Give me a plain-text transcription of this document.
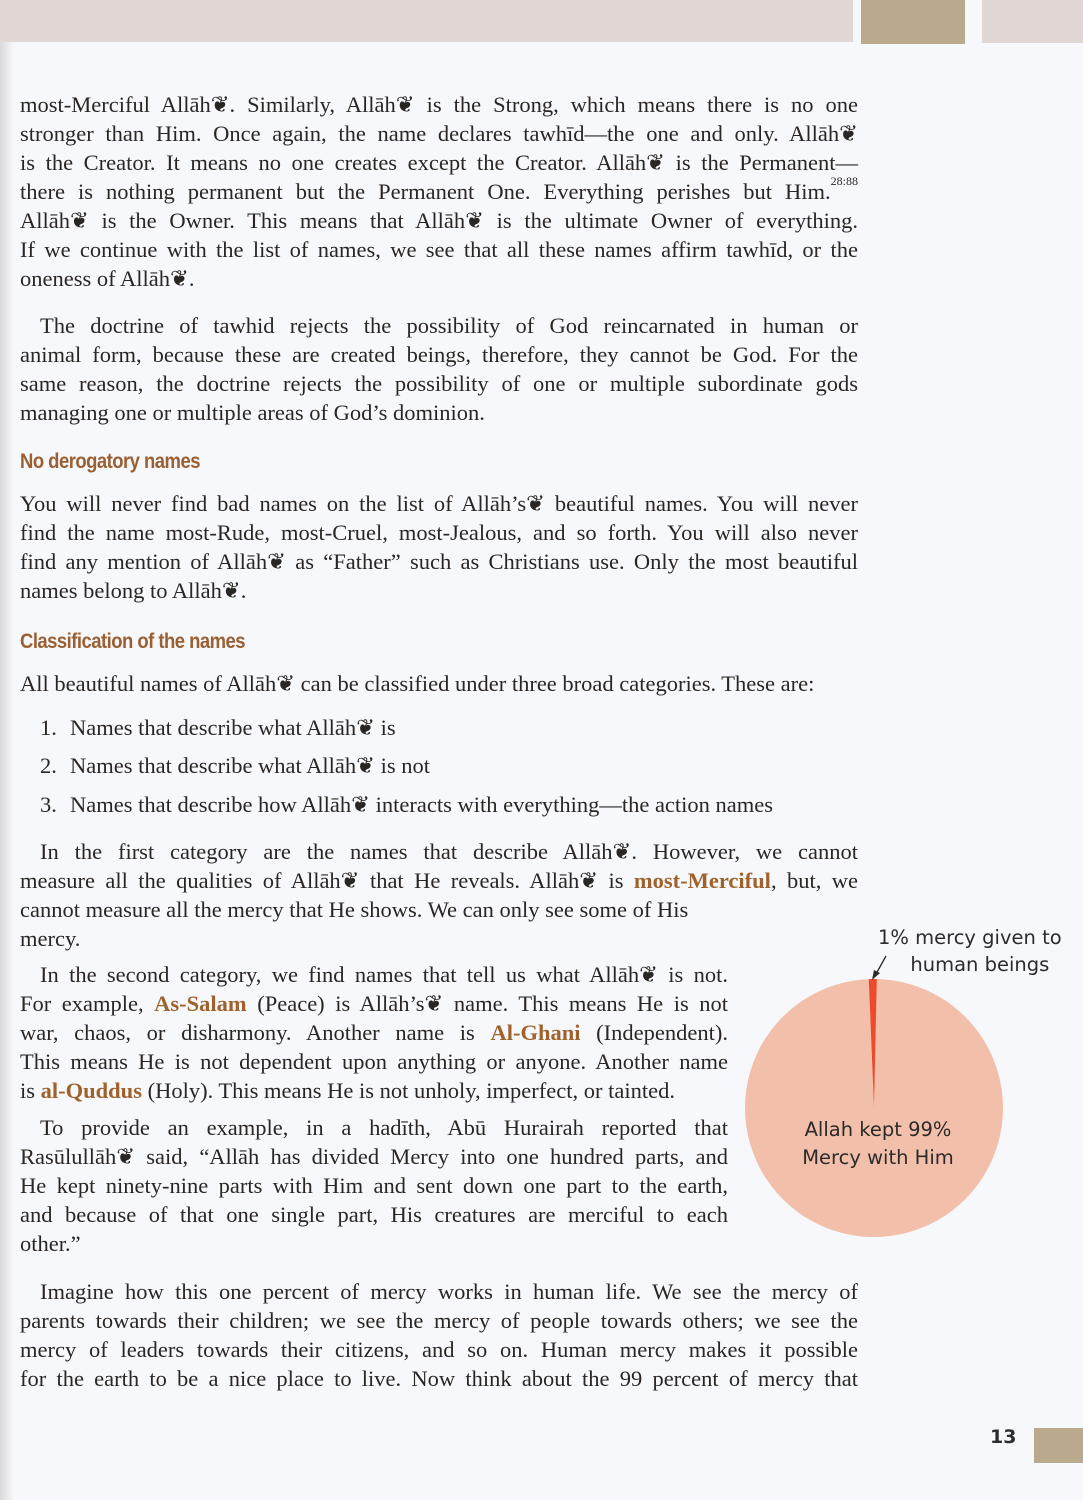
most-Merciful Allāh❦. Similarly, Allāh❦ is the Strong, which means there is no one
stronger than Him. Once again, the name declares tawhīd—the one and only. Allāh❦
is the Creator. It means no one creates except the Creator. Allāh❦ is the Permanent—
there is nothing permanent but the Permanent One. Everything perishes but Him.$^{28:88}$
Allāh❦ is the Owner. This means that Allāh❦ is the ultimate Owner of everything.
If we continue with the list of names, we see that all these names affirm tawhīd, or the
oneness of Allāh❦.
The doctrine of tawhid rejects the possibility of God reincarnated in human or
animal form, because these are created beings, therefore, they cannot be God. For the
same reason, the doctrine rejects the possibility of one or multiple subordinate gods
managing one or multiple areas of God’s dominion.
No derogatory names
You will never find bad names on the list of Allāh’s❦ beautiful names. You will never
find the name most-Rude, most-Cruel, most-Jealous, and so forth. You will also never
find any mention of Allāh❦ as “Father” such as Christians use. Only the most beautiful
names belong to Allāh❦.
Classification of the names
All beautiful names of Allāh❦ can be classified under three broad categories. These are:
1. Names that describe what Allāh❦ is
2. Names that describe what Allāh❦ is not
3. Names that describe how Allāh❦ interacts with everything—the action names
In the first category are the names that describe Allāh❦. However, we cannot
measure all the qualities of Allāh❦ that He reveals. Allāh❦ is most-Merciful, but, we
cannot measure all the mercy that He shows. We can only see some of His
mercy.
In the second category, we find names that tell us what Allāh❦ is not.
For example, As-Salam (Peace) is Allāh’s❦ name. This means He is not
war, chaos, or disharmony. Another name is Al-Ghani (Independent).
This means He is not dependent upon anything or anyone. Another name
is al-Quddus (Holy). This means He is not unholy, imperfect, or tainted.
To provide an example, in a hadīth, Abū Hurairah reported that
Rasūlullāh❦ said, “Allāh has divided Mercy into one hundred parts, and
He kept ninety-nine parts with Him and sent down one part to the earth,
and because of that one single part, His creatures are merciful to each
other.”
Imagine how this one percent of mercy works in human life. We see the mercy of
parents towards their children; we see the mercy of people towards others; we see the
mercy of leaders towards their citizens, and so on. Human mercy makes it possible
for the earth to be a nice place to live. Now think about the 99 percent of mercy that
1% mercy given to
human beings
Allah kept 99%
Mercy with Him
13
